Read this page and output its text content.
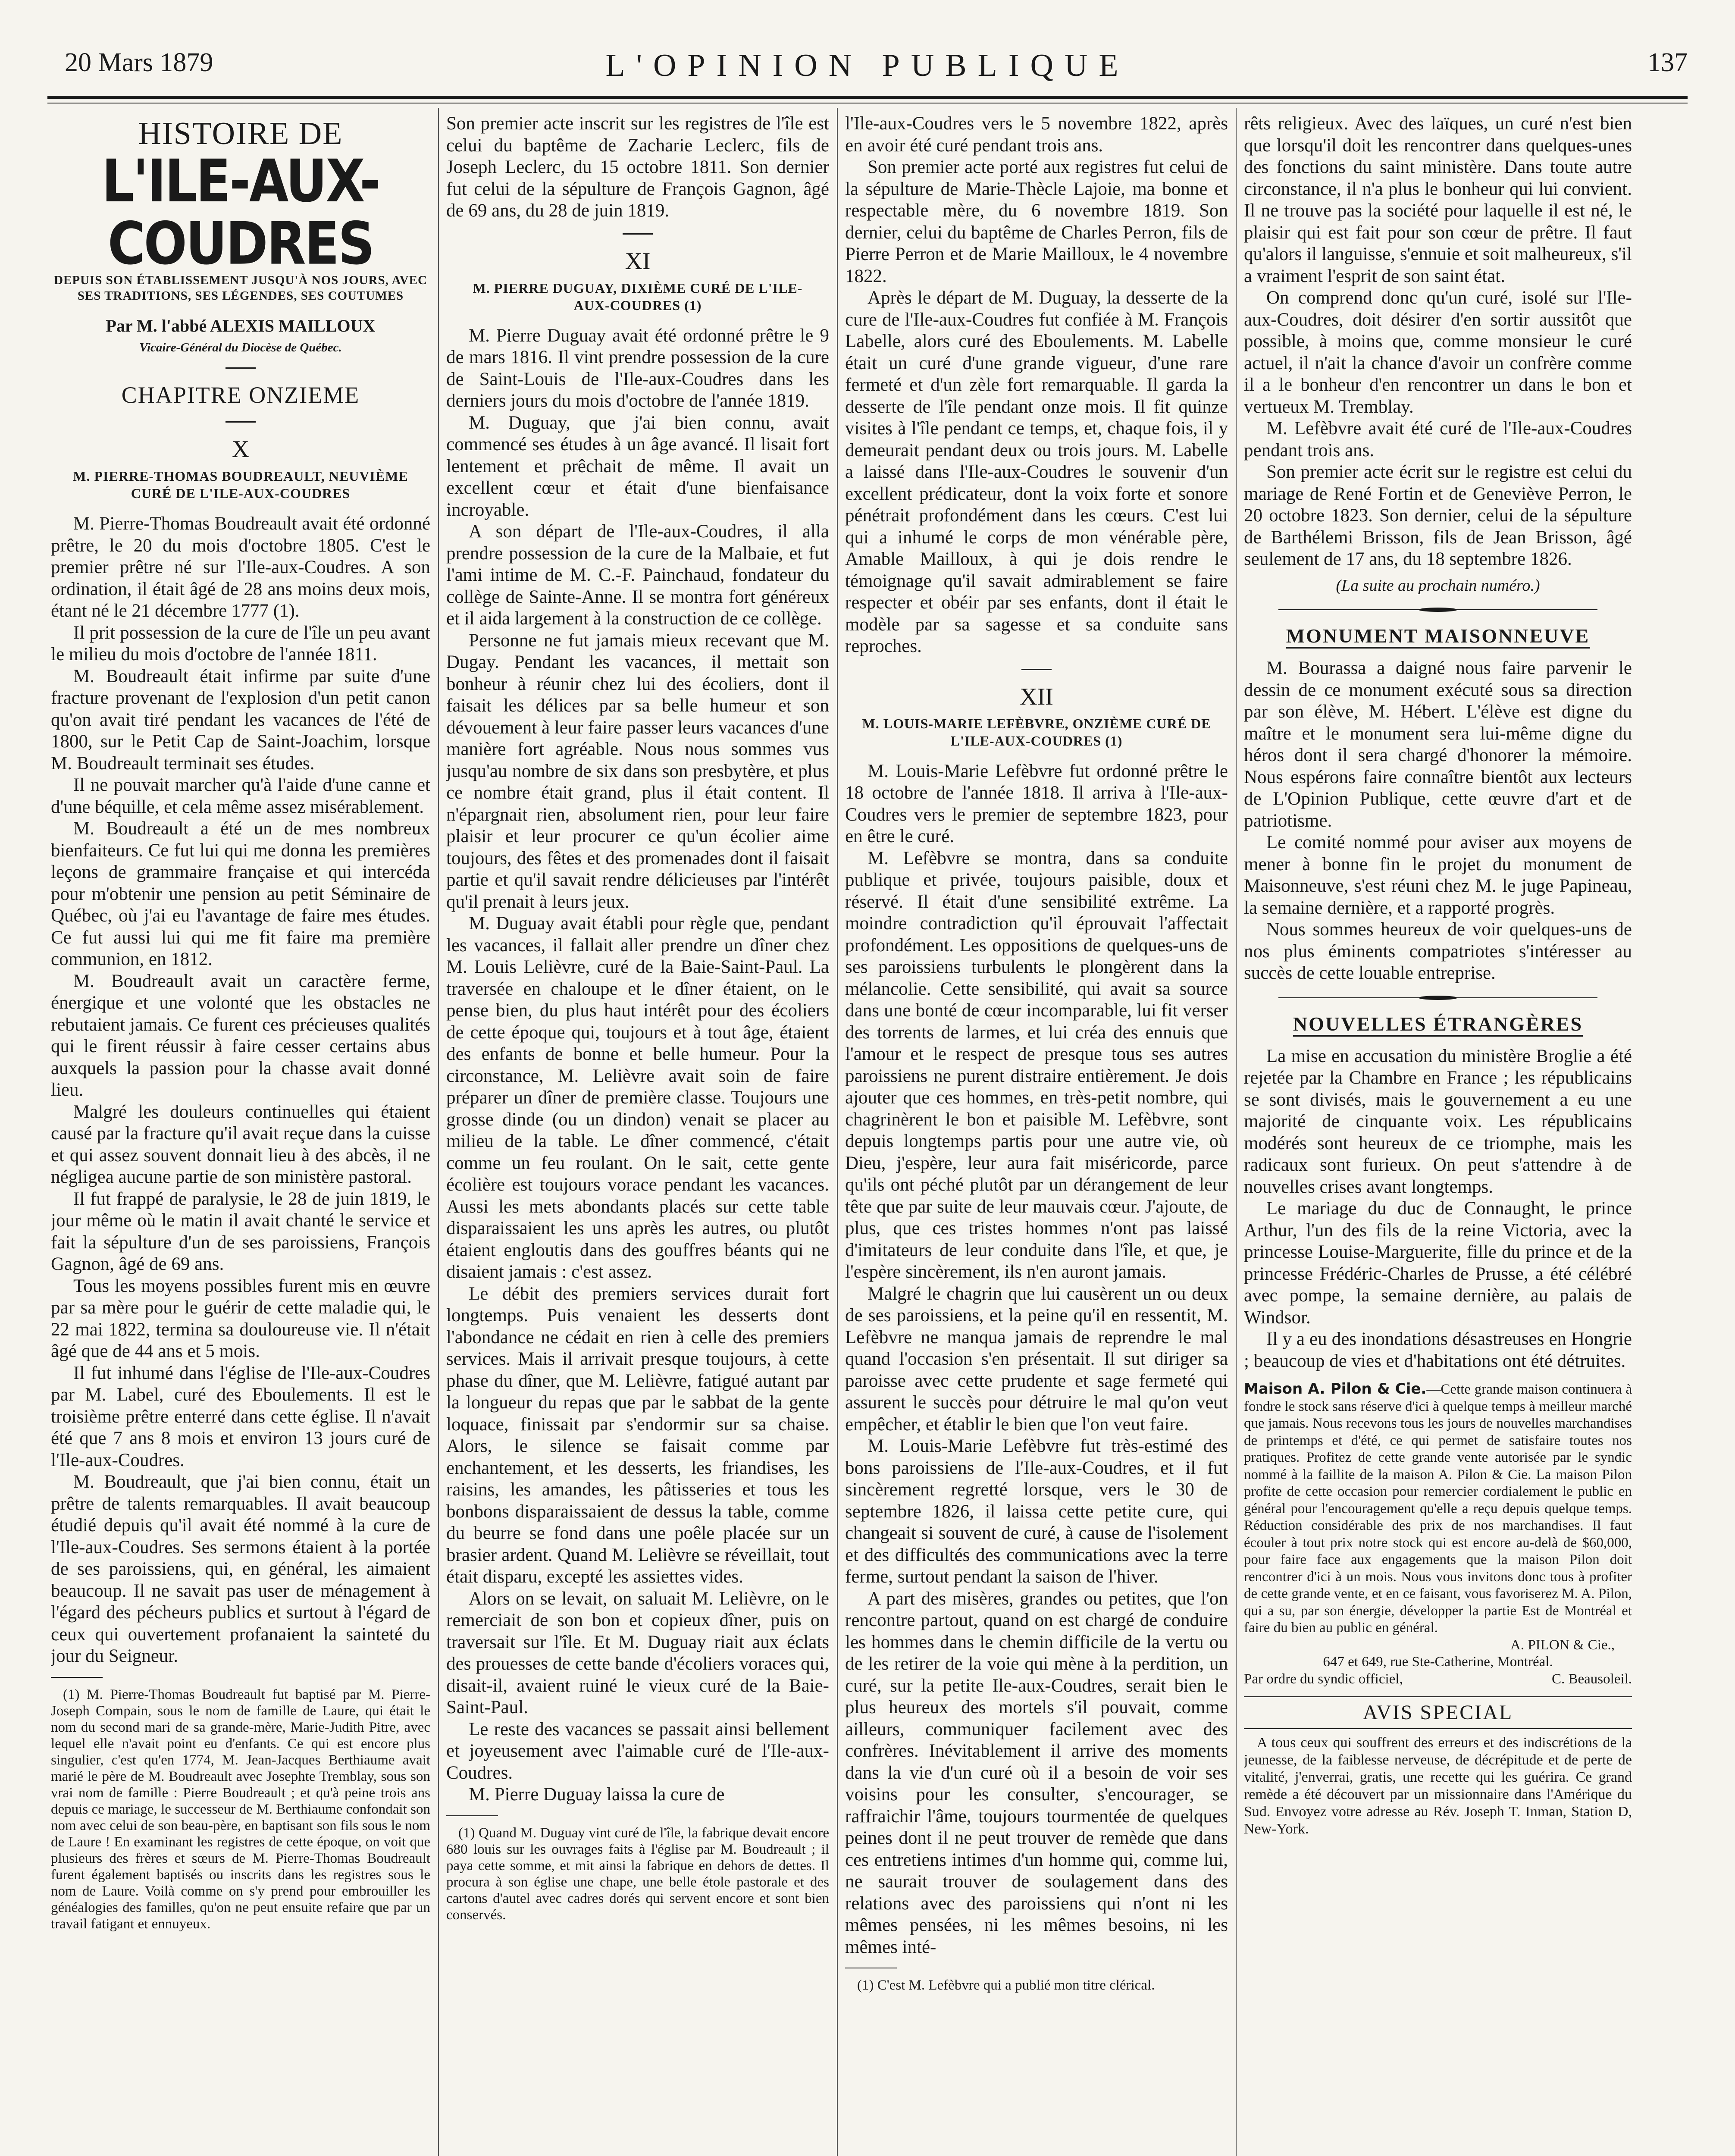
20 Mars 1879	L'OPINION PUBLIQUE	137
HISTOIRE DE
L'ILE-AUX-COUDRES
DEPUIS SON ÉTABLISSEMENT JUSQU'À NOS JOURS, AVEC SES TRADITIONS, SES LÉGENDES, SES COUTUMES
Par M. l'abbé ALEXIS MAILLOUX
Vicaire-Général du Diocèse de Québec.
CHAPITRE ONZIEME
X
M. PIERRE-THOMAS BOUDREAULT, NEUVIÈME CURÉ DE L'ILE-AUX-COUDRES

M. Pierre-Thomas Boudreault avait été ordonné prêtre, le 20 du mois d'octobre 1805. C'est le premier prêtre né sur l'Ile-aux-Coudres. A son ordination, il était âgé de 28 ans moins deux mois, étant né le 21 décembre 1777 (1).

Il prit possession de la cure de l'île un peu avant le milieu du mois d'octobre de l'année 1811.

M. Boudreault était infirme par suite d'une fracture provenant de l'explosion d'un petit canon qu'on avait tiré pendant les vacances de l'été de 1800, sur le Petit Cap de Saint-Joachim, lorsque M. Boudreault terminait ses études.

Il ne pouvait marcher qu'à l'aide d'une canne et d'une béquille, et cela même assez misérablement.

M. Boudreault a été un de mes nombreux bienfaiteurs. Ce fut lui qui me donna les premières leçons de grammaire française et qui intercéda pour m'obtenir une pension au petit Séminaire de Québec, où j'ai eu l'avantage de faire mes études. Ce fut aussi lui qui me fit faire ma première communion, en 1812.

M. Boudreault avait un caractère ferme, énergique et une volonté que les obstacles ne rebutaient jamais. Ce furent ces précieuses qualités qui le firent réussir à faire cesser certains abus auxquels la passion pour la chasse avait donné lieu.

Malgré les douleurs continuelles qui étaient causé par la fracture qu'il avait reçue dans la cuisse et qui assez souvent donnait lieu à des abcès, il ne négligea aucune partie de son ministère pastoral.

Il fut frappé de paralysie, le 28 de juin 1819, le jour même où le matin il avait chanté le service et fait la sépulture d'un de ses paroissiens, François Gagnon, âgé de 69 ans.

Tous les moyens possibles furent mis en œuvre par sa mère pour le guérir de cette maladie qui, le 22 mai 1822, termina sa douloureuse vie. Il n'était âgé que de 44 ans et 5 mois.

Il fut inhumé dans l'église de l'Ile-aux-Coudres par M. Label, curé des Eboulements. Il est le troisième prêtre enterré dans cette église. Il n'avait été que 7 ans 8 mois et environ 13 jours curé de l'Ile-aux-Coudres.

M. Boudreault, que j'ai bien connu, était un prêtre de talents remarquables. Il avait beaucoup étudié depuis qu'il avait été nommé à la cure de l'Ile-aux-Coudres. Ses sermons étaient à la portée de ses paroissiens, qui, en général, les aimaient beaucoup. Il ne savait pas user de ménagement à l'égard des pécheurs publics et surtout à l'égard de ceux qui ouvertement profanaient la sainteté du jour du Seigneur.

(1) M. Pierre-Thomas Boudreault fut baptisé par M. Pierre-Joseph Compain, sous le nom de famille de Laure, qui était le nom du second mari de sa grande-mère, Marie-Judith Pitre, avec lequel elle n'avait point eu d'enfants. Ce qui est encore plus singulier, c'est qu'en 1774, M. Jean-Jacques Berthiaume avait marié le père de M. Boudreault avec Josephte Tremblay, sous son vrai nom de famille : Pierre Boudreault ; et qu'à peine trois ans depuis ce mariage, le successeur de M. Berthiaume confondait son nom avec celui de son beau-père, en baptisant son fils sous le nom de Laure ! En examinant les registres de cette époque, on voit que plusieurs des frères et sœurs de M. Pierre-Thomas Boudreault furent également baptisés ou inscrits dans les registres sous le nom de Laure. Voilà comme on s'y prend pour embrouiller les généalogies des familles, qu'on ne peut ensuite refaire que par un travail fatigant et ennuyeux.

Son premier acte inscrit sur les registres de l'île est celui du baptême de Zacharie Leclerc, fils de Joseph Leclerc, du 15 octobre 1811. Son dernier fut celui de la sépulture de François Gagnon, âgé de 69 ans, du 28 de juin 1819.

XI
M. PIERRE DUGUAY, DIXIÈME CURÉ DE L'ILE-AUX-COUDRES (1)

M. Pierre Duguay avait été ordonné prêtre le 9 de mars 1816. Il vint prendre possession de la cure de Saint-Louis de l'Ile-aux-Coudres dans les derniers jours du mois d'octobre de l'année 1819.

M. Duguay, que j'ai bien connu, avait commencé ses études à un âge avancé. Il lisait fort lentement et prêchait de même. Il avait un excellent cœur et était d'une bienfaisance incroyable.

A son départ de l'Ile-aux-Coudres, il alla prendre possession de la cure de la Malbaie, et fut l'ami intime de M. C.-F. Painchaud, fondateur du collège de Sainte-Anne. Il se montra fort généreux et il aida largement à la construction de ce collège.

Personne ne fut jamais mieux recevant que M. Dugay. Pendant les vacances, il mettait son bonheur à réunir chez lui des écoliers, dont il faisait les délices par sa belle humeur et son dévouement à leur faire passer leurs vacances d'une manière fort agréable. Nous nous sommes vus jusqu'au nombre de six dans son presbytère, et plus ce nombre était grand, plus il était content. Il n'épargnait rien, absolument rien, pour leur faire plaisir et leur procurer ce qu'un écolier aime toujours, des fêtes et des promenades dont il faisait partie et qu'il savait rendre délicieuses par l'intérêt qu'il prenait à leurs jeux.

M. Duguay avait établi pour règle que, pendant les vacances, il fallait aller prendre un dîner chez M. Louis Lelièvre, curé de la Baie-Saint-Paul. La traversée en chaloupe et le dîner étaient, on le pense bien, du plus haut intérêt pour des écoliers de cette époque qui, toujours et à tout âge, étaient des enfants de bonne et belle humeur. Pour la circonstance, M. Lelièvre avait soin de faire préparer un dîner de première classe. Toujours une grosse dinde (ou un dindon) venait se placer au milieu de la table. Le dîner commencé, c'était comme un feu roulant. On le sait, cette gente écolière est toujours vorace pendant les vacances. Aussi les mets abondants placés sur cette table disparaissaient les uns après les autres, ou plutôt étaient engloutis dans des gouffres béants qui ne disaient jamais : c'est assez.

Le débit des premiers services durait fort longtemps. Puis venaient les desserts dont l'abondance ne cédait en rien à celle des premiers services. Mais il arrivait presque toujours, à cette phase du dîner, que M. Lelièvre, fatigué autant par la longueur du repas que par le sabbat de la gente loquace, finissait par s'endormir sur sa chaise. Alors, le silence se faisait comme par enchantement, et les desserts, les friandises, les raisins, les amandes, les pâtisseries et tous les bonbons disparaissaient de dessus la table, comme du beurre se fond dans une poêle placée sur un brasier ardent. Quand M. Lelièvre se réveillait, tout était disparu, excepté les assiettes vides.

Alors on se levait, on saluait M. Lelièvre, on le remerciait de son bon et copieux dîner, puis on traversait sur l'île. Et M. Duguay riait aux éclats des prouesses de cette bande d'écoliers voraces qui, disait-il, avaient ruiné le vieux curé de la Baie-Saint-Paul.

Le reste des vacances se passait ainsi bellement et joyeusement avec l'aimable curé de l'Ile-aux-Coudres.

M. Pierre Duguay laissa la cure de

(1) Quand M. Duguay vint curé de l'île, la fabrique devait encore 680 louis sur les ouvrages faits à l'église par M. Boudreault ; il paya cette somme, et mit ainsi la fabrique en dehors de dettes. Il procura à son église une chape, une belle étole pastorale et des cartons d'autel avec cadres dorés qui servent encore et sont bien conservés.

l'Ile-aux-Coudres vers le 5 novembre 1822, après en avoir été curé pendant trois ans.

Son premier acte porté aux registres fut celui de la sépulture de Marie-Thècle Lajoie, ma bonne et respectable mère, du 6 novembre 1819. Son dernier, celui du baptême de Charles Perron, fils de Pierre Perron et de Marie Mailloux, le 4 novembre 1822.

Après le départ de M. Duguay, la desserte de la cure de l'Ile-aux-Coudres fut confiée à M. François Labelle, alors curé des Eboulements. M. Labelle était un curé d'une grande vigueur, d'une rare fermeté et d'un zèle fort remarquable. Il garda la desserte de l'île pendant onze mois. Il fit quinze visites à l'île pendant ce temps, et, chaque fois, il y demeurait pendant deux ou trois jours. M. Labelle a laissé dans l'Ile-aux-Coudres le souvenir d'un excellent prédicateur, dont la voix forte et sonore pénétrait profondément dans les cœurs. C'est lui qui a inhumé le corps de mon vénérable père, Amable Mailloux, à qui je dois rendre le témoignage qu'il savait admirablement se faire respecter et obéir par ses enfants, dont il était le modèle par sa sagesse et sa conduite sans reproches.

XII
M. LOUIS-MARIE LEFÈBVRE, ONZIÈME CURÉ DE L'ILE-AUX-COUDRES (1)

M. Louis-Marie Lefèbvre fut ordonné prêtre le 18 octobre de l'année 1818. Il arriva à l'Ile-aux-Coudres vers le premier de septembre 1823, pour en être le curé.

M. Lefèbvre se montra, dans sa conduite publique et privée, toujours paisible, doux et réservé. Il était d'une sensibilité extrême. La moindre contradiction qu'il éprouvait l'affectait profondément. Les oppositions de quelques-uns de ses paroissiens turbulents le plongèrent dans la mélancolie. Cette sensibilité, qui avait sa source dans une bonté de cœur incomparable, lui fit verser des torrents de larmes, et lui créa des ennuis que l'amour et le respect de presque tous ses autres paroissiens ne purent distraire entièrement. Je dois ajouter que ces hommes, en très-petit nombre, qui chagrinèrent le bon et paisible M. Lefèbvre, sont depuis longtemps partis pour une autre vie, où Dieu, j'espère, leur aura fait miséricorde, parce qu'ils ont péché plutôt par un dérangement de leur tête que par suite de leur mauvais cœur. J'ajoute, de plus, que ces tristes hommes n'ont pas laissé d'imitateurs de leur conduite dans l'île, et que, je l'espère sincèrement, ils n'en auront jamais.

Malgré le chagrin que lui causèrent un ou deux de ses paroissiens, et la peine qu'il en ressentit, M. Lefèbvre ne manqua jamais de reprendre le mal quand l'occasion s'en présentait. Il sut diriger sa paroisse avec cette prudente et sage fermeté qui assurent le succès pour détruire le mal qu'on veut empêcher, et établir le bien que l'on veut faire.

M. Louis-Marie Lefèbvre fut très-estimé des bons paroissiens de l'Ile-aux-Coudres, et il fut sincèrement regretté lorsque, vers le 30 de septembre 1826, il laissa cette petite cure, qui changeait si souvent de curé, à cause de l'isolement et des difficultés des communications avec la terre ferme, surtout pendant la saison de l'hiver.

A part des misères, grandes ou petites, que l'on rencontre partout, quand on est chargé de conduire les hommes dans le chemin difficile de la vertu ou de les retirer de la voie qui mène à la perdition, un curé, sur la petite Ile-aux-Coudres, serait bien le plus heureux des mortels s'il pouvait, comme ailleurs, communiquer facilement avec des confrères. Inévitablement il arrive des moments dans la vie d'un curé où il a besoin de voir ses voisins pour les consulter, s'encourager, se raffraichir l'âme, toujours tourmentée de quelques peines dont il ne peut trouver de remède que dans ces entretiens intimes d'un homme qui, comme lui, ne saurait trouver de soulagement dans des relations avec des paroissiens qui n'ont ni les mêmes pensées, ni les mêmes besoins, ni les mêmes inté-

(1) C'est M. Lefèbvre qui a publié mon titre clérical.

rêts religieux. Avec des laïques, un curé n'est bien que lorsqu'il doit les rencontrer dans quelques-unes des fonctions du saint ministère. Dans toute autre circonstance, il n'a plus le bonheur qui lui convient. Il ne trouve pas la société pour laquelle il est né, le plaisir qui est fait pour son cœur de prêtre. Il faut qu'alors il languisse, s'ennuie et soit malheureux, s'il a vraiment l'esprit de son saint état.

On comprend donc qu'un curé, isolé sur l'Ile-aux-Coudres, doit désirer d'en sortir aussitôt que possible, à moins que, comme monsieur le curé actuel, il n'ait la chance d'avoir un confrère comme il a le bonheur d'en rencontrer un dans le bon et vertueux M. Tremblay.

M. Lefèbvre avait été curé de l'Ile-aux-Coudres pendant trois ans.

Son premier acte écrit sur le registre est celui du mariage de René Fortin et de Geneviève Perron, le 20 octobre 1823. Son dernier, celui de la sépulture de Barthélemi Brisson, fils de Jean Brisson, âgé seulement de 17 ans, du 18 septembre 1826.

(La suite au prochain numéro.)
MONUMENT MAISONNEUVE

M. Bourassa a daigné nous faire parvenir le dessin de ce monument exécuté sous sa direction par son élève, M. Hébert. L'élève est digne du maître et le monument sera lui-même digne du héros dont il sera chargé d'honorer la mémoire. Nous espérons faire connaître bientôt aux lecteurs de L'Opinion Publique, cette œuvre d'art et de patriotisme.

Le comité nommé pour aviser aux moyens de mener à bonne fin le projet du monument de Maisonneuve, s'est réuni chez M. le juge Papineau, la semaine dernière, et a rapporté progrès.

Nous sommes heureux de voir quelques-uns de nos plus éminents compatriotes s'intéresser au succès de cette louable entreprise.

NOUVELLES ÉTRANGÈRES

La mise en accusation du ministère Broglie a été rejetée par la Chambre en France ; les républicains se sont divisés, mais le gouvernement a eu une majorité de cinquante voix. Les républicains modérés sont heureux de ce triomphe, mais les radicaux sont furieux. On peut s'attendre à de nouvelles crises avant longtemps.

Le mariage du duc de Connaught, le prince Arthur, l'un des fils de la reine Victoria, avec la princesse Louise-Marguerite, fille du prince et de la princesse Frédéric-Charles de Prusse, a été célébré avec pompe, la semaine dernière, au palais de Windsor.

Il y a eu des inondations désastreuses en Hongrie ; beaucoup de vies et d'habitations ont été détruites.

Maison A. Pilon & Cie.—Cette grande maison continuera à fondre le stock sans réserve d'ici à quelque temps à meilleur marché que jamais. Nous recevons tous les jours de nouvelles marchandises de printemps et d'été, ce qui permet de satisfaire toutes nos pratiques. Profitez de cette grande vente autorisée par le syndic nommé à la faillite de la maison A. Pilon & Cie. La maison Pilon profite de cette occasion pour remercier cordialement le public en général pour l'encouragement qu'elle a reçu depuis quelque temps. Réduction considérable des prix de nos marchandises. Il faut écouler à tout prix notre stock qui est encore au-delà de $60,000, pour faire face aux engagements que la maison Pilon doit rencontrer d'ici à un mois. Nous vous invitons donc tous à profiter de cette grande vente, et en ce faisant, vous favoriserez M. A. Pilon, qui a su, par son énergie, développer la partie Est de Montréal et faire du bien au public en général.

A. PILON & Cie.,

647 et 649, rue Ste-Catherine, Montréal.

Par ordre du syndic officiel,	C. Beausoleil.
AVIS SPECIAL

A tous ceux qui souffrent des erreurs et des indiscrétions de la jeunesse, de la faiblesse nerveuse, de décrépitude et de perte de vitalité, j'enverrai, gratis, une recette qui les guérira. Ce grand remède a été découvert par un missionnaire dans l'Amérique du Sud. Envoyez votre adresse au Rév. Joseph T. Inman, Station D, New-York.
